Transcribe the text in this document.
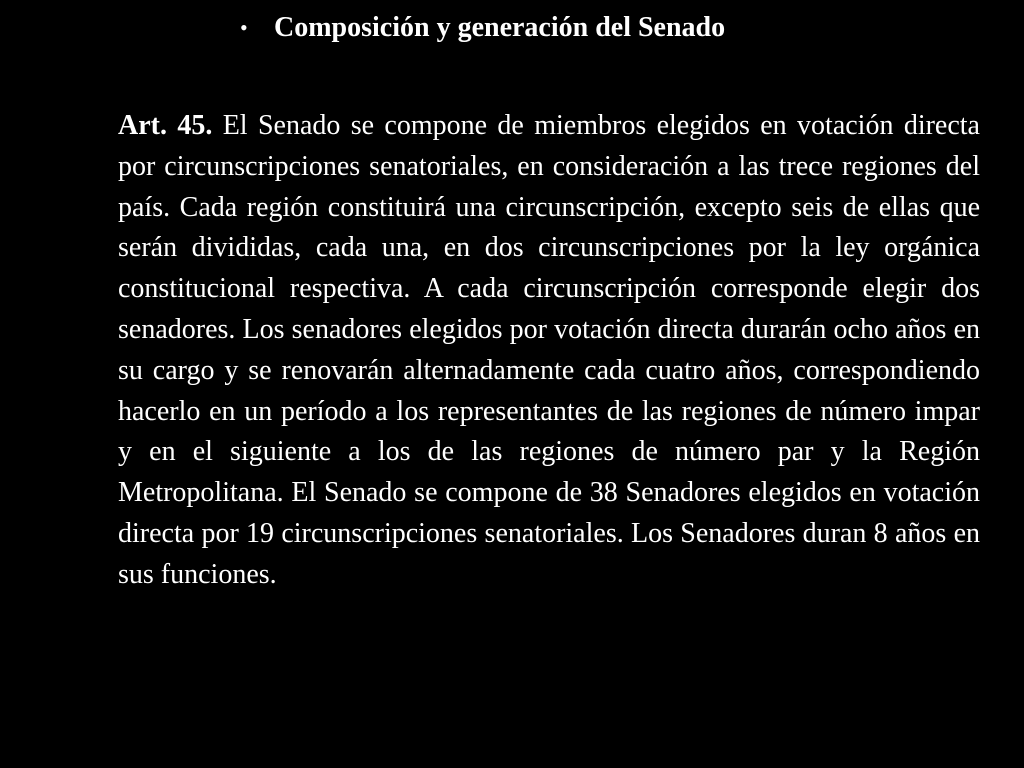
• Composición y generación del Senado

Art. 45. El Senado se compone de miembros elegidos en votación directa por circunscripciones senatoriales, en consideración a las trece regiones del país. Cada región constituirá una circunscripción, excepto seis de ellas que serán divididas, cada una, en dos circunscripciones por la ley orgánica constitucional respectiva. A cada circunscripción corresponde elegir dos senadores. Los senadores elegidos por votación directa durarán ocho años en su cargo y se renovarán alternadamente cada cuatro años, correspondiendo hacerlo en un período a los representantes de las regiones de número impar y en el siguiente a los de las regiones de número par y la Región Metropolitana. El Senado se compone de 38 Senadores elegidos en votación directa por 19 circunscripciones senatoriales. Los Senadores duran 8 años en sus funciones.
